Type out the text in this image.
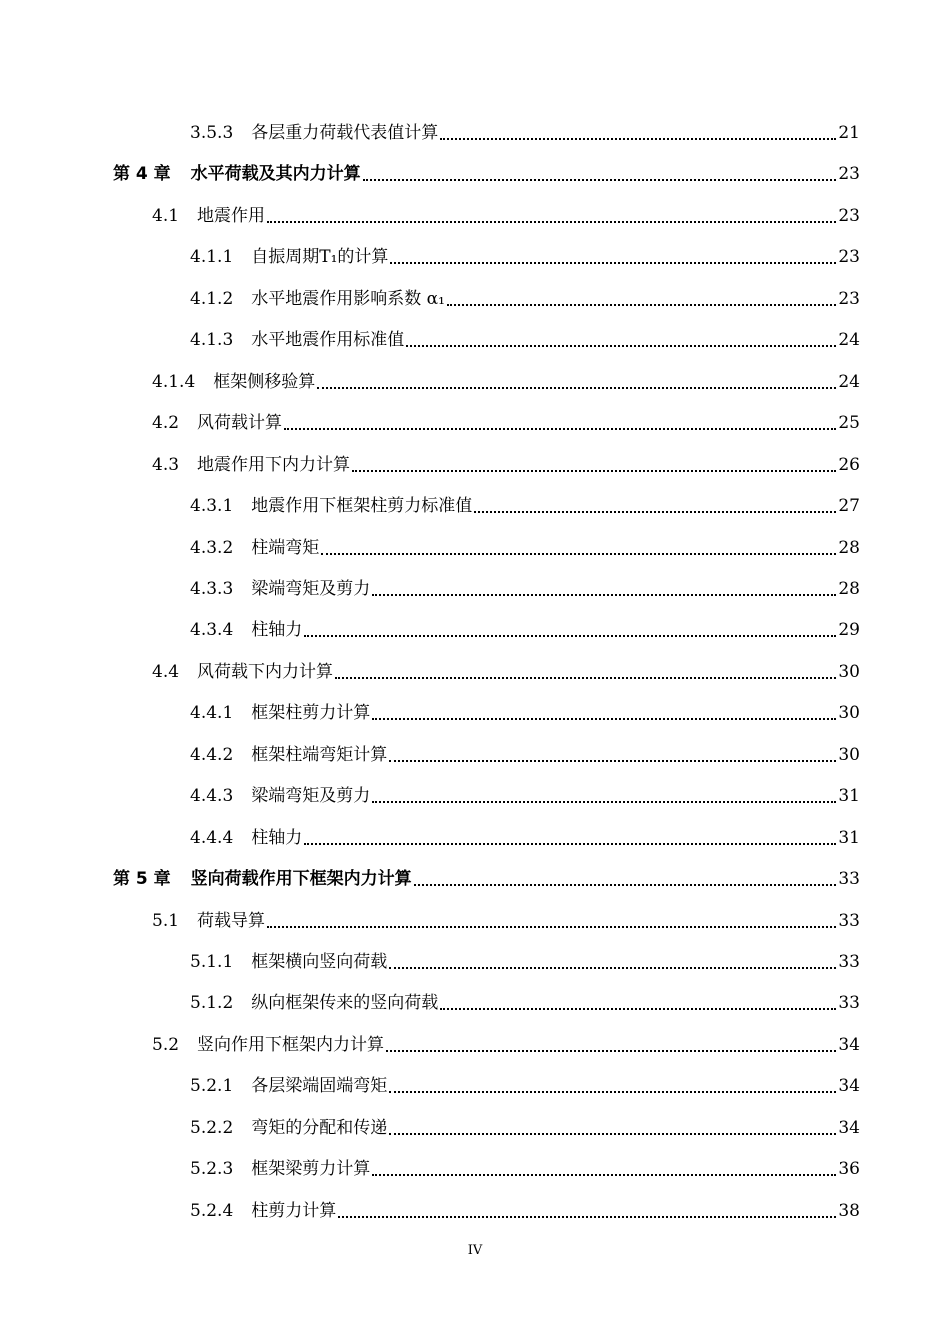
3.5.3 各层重力荷载代表值计算	21
第 4 章 水平荷载及其内力计算	23
4.1 地震作用	23
4.1.1 自振周期T₁的计算	23
4.1.2 水平地震作用影响系数 α₁	23
4.1.3 水平地震作用标准值	24
4.1.4 框架侧移验算	24
4.2 风荷载计算	25
4.3 地震作用下内力计算	26
4.3.1 地震作用下框架柱剪力标准值	27
4.3.2 柱端弯矩	28
4.3.3 梁端弯矩及剪力	28
4.3.4 柱轴力	29
4.4 风荷载下内力计算	30
4.4.1 框架柱剪力计算	30
4.4.2 框架柱端弯矩计算	30
4.4.3 梁端弯矩及剪力	31
4.4.4 柱轴力	31
第 5 章 竖向荷载作用下框架内力计算	33
5.1 荷载导算	33
5.1.1 框架横向竖向荷载	33
5.1.2 纵向框架传来的竖向荷载	33
5.2 竖向作用下框架内力计算	34
5.2.1 各层梁端固端弯矩	34
5.2.2 弯矩的分配和传递	34
5.2.3 框架梁剪力计算	36
5.2.4 柱剪力计算	38
IV
